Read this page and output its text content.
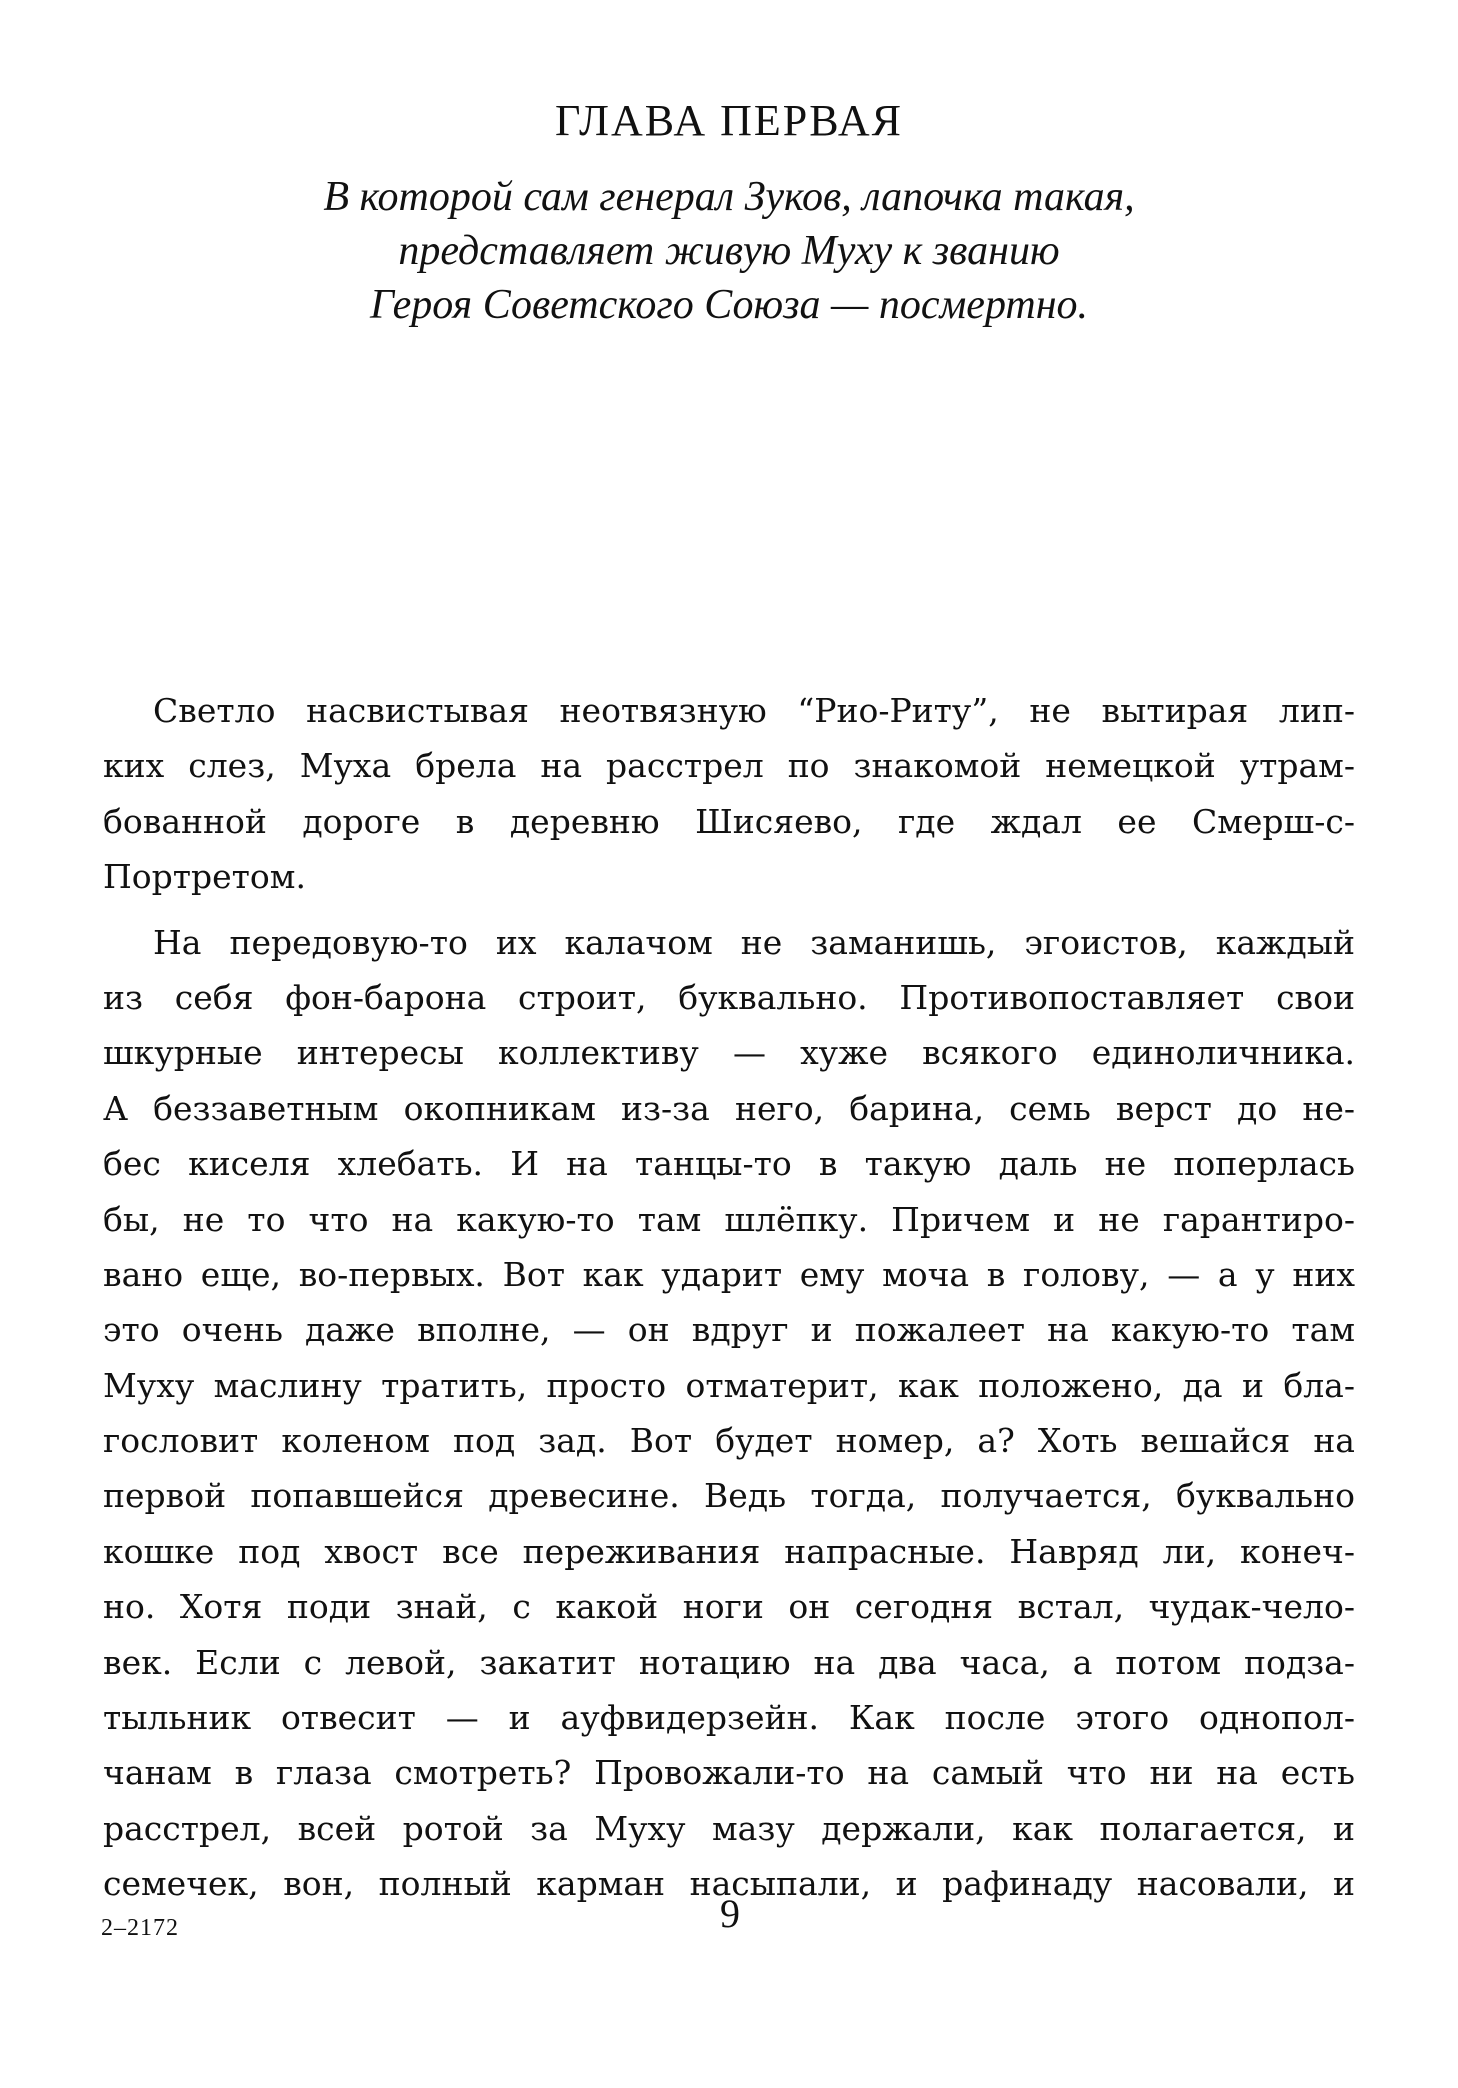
ГЛАВА ПЕРВАЯ
В которой сам генерал Зуков, лапочка такая,
представляет живую Муху к званию
Героя Советского Союза — посмертно.
Светло насвистывая неотвязную “Рио-Риту”, не вытирая лип-
ких слез, Муха брела на расстрел по знакомой немецкой утрам-
бованной дороге в деревню Шисяево, где ждал ее Смерш-с-
Портретом.
На передовую-то их калачом не заманишь, эгоистов, каждый
из себя фон-барона строит, буквально. Противопоставляет свои
шкурные интересы коллективу — хуже всякого единоличника.
А беззаветным окопникам из-за него, барина, семь верст до не-
бес киселя хлебать. И на танцы-то в такую даль не поперлась
бы, не то что на какую-то там шлёпку. Причем и не гарантиро-
вано еще, во-первых. Вот как ударит ему моча в голову, — а у них
это очень даже вполне, — он вдруг и пожалеет на какую-то там
Муху маслину тратить, просто отматерит, как положено, да и бла-
гословит коленом под зад. Вот будет номер, а? Хоть вешайся на
первой попавшейся древесине. Ведь тогда, получается, буквально
кошке под хвост все переживания напрасные. Навряд ли, конеч-
но. Хотя поди знай, с какой ноги он сегодня встал, чудак-чело-
век. Если с левой, закатит нотацию на два часа, а потом подза-
тыльник отвесит — и ауфвидерзейн. Как после этого однопол-
чанам в глаза смотреть? Провожали-то на самый что ни на есть
расстрел, всей ротой за Муху мазу держали, как полагается, и
семечек, вон, полный карман насыпали, и рафинаду насовали, и
2–2172	9
